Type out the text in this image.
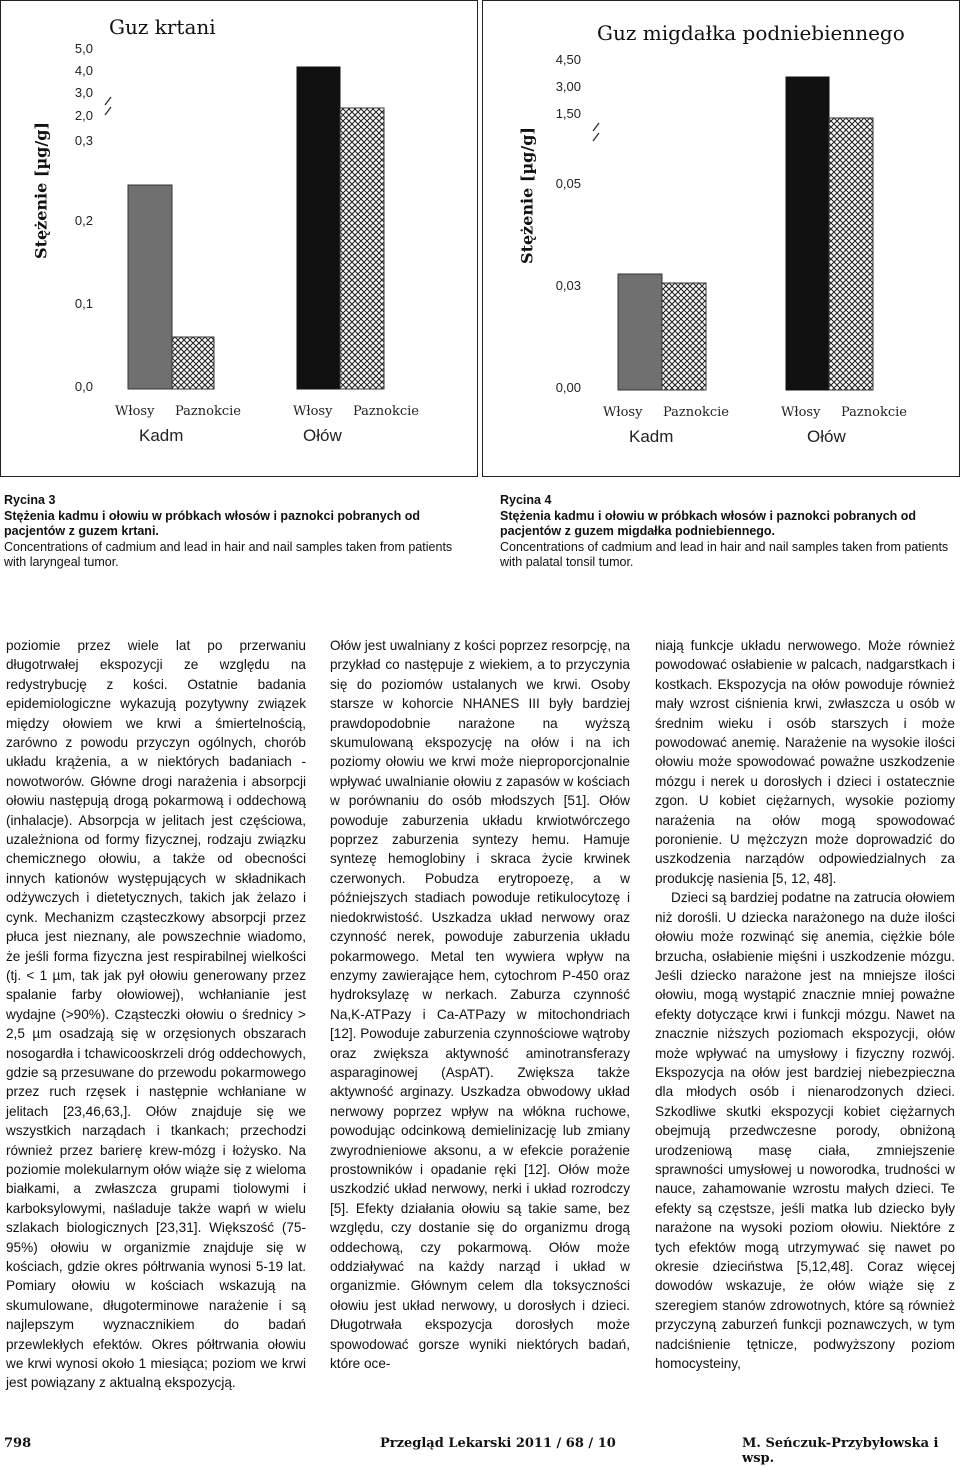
Guz krtani
Stężenie [µg/g]
5,0
4,0
3,0
2,0
0,3
0,2
0,1
0,0
Włosy Paznokcie	Włosy Paznokcie
Kadm	Ołów
Guz migdałka podniebiennego
Stężenie [µg/g]
4,50
3,00
1,50
0,05
0,03
0,00
Włosy Paznokcie	Włosy Paznokcie
Kadm	Ołów
Rycina 3
Stężenia kadmu i ołowiu w próbkach włosów i paznokci pobranych od pacjentów z guzem krtani.
Concentrations of cadmium and lead in hair and nail samples taken from patients with laryngeal tumor.
Rycina 4
Stężenia kadmu i ołowiu w próbkach włosów i paznokci pobranych od pacjentów z guzem migdałka podniebiennego.
Concentrations of cadmium and lead in hair and nail samples taken from patients with palatal tonsil tumor.

poziomie przez wiele lat po przerwaniu długotrwałej ekspozycji ze względu na redystrybucję z kości. Ostatnie badania epidemiologiczne wykazują pozytywny związek między ołowiem we krwi a śmiertelnością, zarówno z powodu przyczyn ogólnych, chorób układu krążenia, a w niektórych badaniach - nowotworów. Główne drogi narażenia i absorpcji ołowiu następują drogą pokarmową i oddechową (inhalacje). Absorpcja w jelitach jest częściowa, uzależniona od formy fizycznej, rodzaju związku chemicznego ołowiu, a także od obecności innych kationów występujących w składnikach odżywczych i dietetycznych, takich jak żelazo i cynk. Mechanizm cząsteczkowy absorpcji przez płuca jest nieznany, ale powszechnie wiadomo, że jeśli forma fizyczna jest respirabilnej wielkości (tj. < 1 µm, tak jak pył ołowiu generowany przez spalanie farby ołowiowej), wchłanianie jest wydajne (>90%). Cząsteczki ołowiu o średnicy > 2,5 µm osadzają się w orzęsionych obszarach nosogardła i tchawicooskrzeli dróg oddechowych, gdzie są przesuwane do przewodu pokarmowego przez ruch rzęsek i następnie wchłaniane w jelitach [23,46,63,]. Ołów znajduje się we wszystkich narządach i tkankach; przechodzi również przez barierę krew-mózg i łożysko. Na poziomie molekularnym ołów wiąże się z wieloma białkami, a zwłaszcza grupami tiolowymi i karboksylowymi, naśladuje także wapń w wielu szlakach biologicznych [23,31]. Większość (75-95%) ołowiu w organizmie znajduje się w kościach, gdzie okres półtrwania wynosi 5-19 lat. Pomiary ołowiu w kościach wskazują na skumulowane, długoterminowe narażenie i są najlepszym wyznacznikiem do badań przewlekłych efektów. Okres półtrwania ołowiu we krwi wynosi około 1 miesiąca; poziom we krwi jest powiązany z aktualną ekspozycją.

Ołów jest uwalniany z kości poprzez resorpcję, na przykład co następuje z wiekiem, a to przyczynia się do poziomów ustalanych we krwi. Osoby starsze w kohorcie NHANES III były bardziej prawdopodobnie narażone na wyższą skumulowaną ekspozycję na ołów i na ich poziomy ołowiu we krwi może nieproporcjonalnie wpływać uwalnianie ołowiu z zapasów w kościach w porównaniu do osób młodszych [51]. Ołów powoduje zaburzenia układu krwiotwórczego poprzez zaburzenia syntezy hemu. Hamuje syntezę hemoglobiny i skraca życie krwinek czerwonych. Pobudza erytropoezę, a w późniejszych stadiach powoduje retikulocytozę i niedokrwistość. Uszkadza układ nerwowy oraz czynność nerek, powoduje zaburzenia układu pokarmowego. Metal ten wywiera wpływ na enzymy zawierające hem, cytochrom P-450 oraz hydroksylazę w nerkach. Zaburza czynność Na,K-ATPazy i Ca-ATPazy w mitochondriach [12]. Powoduje zaburzenia czynnościowe wątroby oraz zwiększa aktywność aminotransferazy asparaginowej (AspAT). Zwiększa także aktywność arginazy. Uszkadza obwodowy układ nerwowy poprzez wpływ na włókna ruchowe, powodując odcinkową demielinizację lub zmiany zwyrodnieniowe aksonu, a w efekcie porażenie prostowników i opadanie ręki [12]. Ołów może uszkodzić układ nerwowy, nerki i układ rozrodczy [5]. Efekty działania ołowiu są takie same, bez względu, czy dostanie się do organizmu drogą oddechową, czy pokarmową. Ołów może oddziaływać na każdy narząd i układ w organizmie. Głównym celem dla toksyczności ołowiu jest układ nerwowy, u dorosłych i dzieci. Długotrwała ekspozycja dorosłych może spowodować gorsze wyniki niektórych badań, które oce-

niają funkcje układu nerwowego. Może również powodować osłabienie w palcach, nadgarstkach i kostkach. Ekspozycja na ołów powoduje również mały wzrost ciśnienia krwi, zwłaszcza u osób w średnim wieku i osób starszych i może powodować anemię. Narażenie na wysokie ilości ołowiu może spowodować poważne uszkodzenie mózgu i nerek u dorosłych i dzieci i ostatecznie zgon. U kobiet ciężarnych, wysokie poziomy narażenia na ołów mogą spowodować poronienie. U mężczyzn może doprowadzić do uszkodzenia narządów odpowiedzialnych za produkcję nasienia [5, 12, 48].

Dzieci są bardziej podatne na zatrucia ołowiem niż dorośli. U dziecka narażonego na duże ilości ołowiu może rozwinąć się anemia, ciężkie bóle brzucha, osłabienie mięśni i uszkodzenie mózgu. Jeśli dziecko narażone jest na mniejsze ilości ołowiu, mogą wystąpić znacznie mniej poważne efekty dotyczące krwi i funkcji mózgu. Nawet na znacznie niższych poziomach ekspozycji, ołów może wpływać na umysłowy i fizyczny rozwój. Ekspozycja na ołów jest bardziej niebezpieczna dla młodych osób i nienarodzonych dzieci. Szkodliwe skutki ekspozycji kobiet ciężarnych obejmują przedwczesne porody, obniżoną urodzeniową masę ciała, zmniejszenie sprawności umysłowej u noworodka, trudności w nauce, zahamowanie wzrostu małych dzieci. Te efekty są częstsze, jeśli matka lub dziecko były narażone na wysoki poziom ołowiu. Niektóre z tych efektów mogą utrzymywać się nawet po okresie dzieciństwa [5,12,48]. Coraz więcej dowodów wskazuje, że ołów wiąże się z szeregiem stanów zdrowotnych, które są również przyczyną zaburzeń funkcji poznawczych, w tym nadciśnienie tętnicze, podwyższony poziom homocysteiny,

798	Przegląd Lekarski 2011 / 68 / 10	M. Seńczuk-Przybyłowska i wsp.
